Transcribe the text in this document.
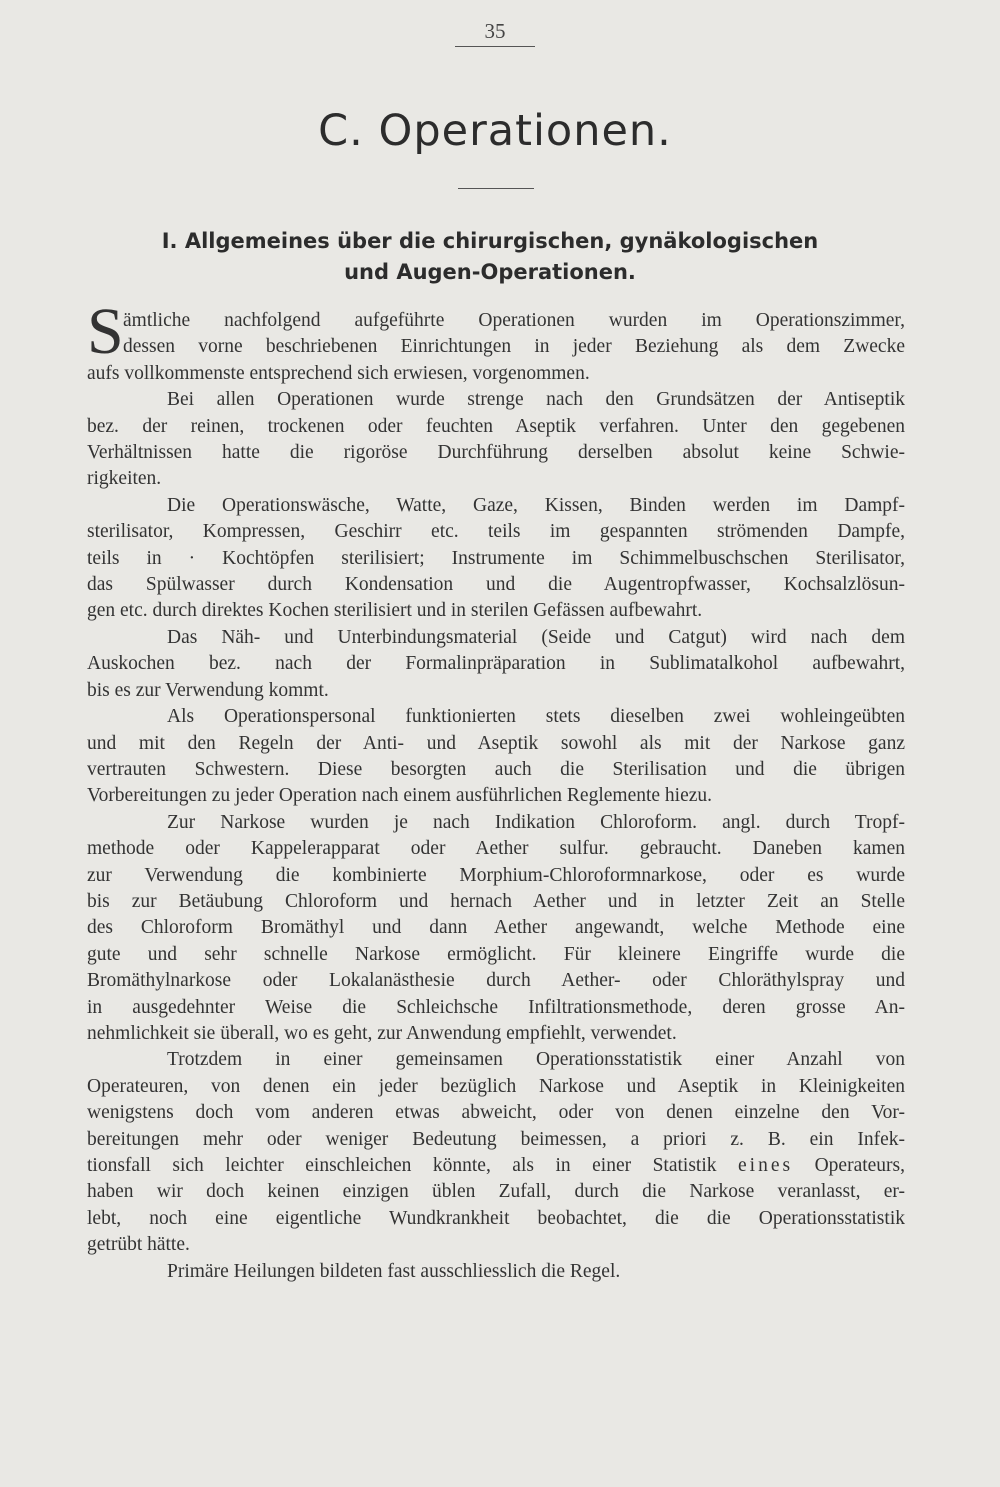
35
C. Operationen.
I. Allgemeines über die chirurgischen, gynäkologischen
und Augen-Operationen.
S ämtliche nachfolgend aufgeführte Operationen wurden im Operationszimmer,
dessen vorne beschriebenen Einrichtungen in jeder Beziehung als dem Zwecke
aufs vollkommenste entsprechend sich erwiesen, vorgenommen.
Bei allen Operationen wurde strenge nach den Grundsätzen der Antiseptik
bez. der reinen, trockenen oder feuchten Aseptik verfahren. Unter den gegebenen
Verhältnissen hatte die rigoröse Durchführung derselben absolut keine Schwie-
rigkeiten.
Die Operationswäsche, Watte, Gaze, Kissen, Binden werden im Dampf-
sterilisator, Kompressen, Geschirr etc. teils im gespannten strömenden Dampfe,
teils in · Kochtöpfen sterilisiert; Instrumente im Schimmelbuschschen Sterilisator,
das Spülwasser durch Kondensation und die Augentropfwasser, Kochsalzlösun-
gen etc. durch direktes Kochen sterilisiert und in sterilen Gefässen aufbewahrt.
Das Näh- und Unterbindungsmaterial (Seide und Catgut) wird nach dem
Auskochen bez. nach der Formalinpräparation in Sublimatalkohol aufbewahrt,
bis es zur Verwendung kommt.
Als Operationspersonal funktionierten stets dieselben zwei wohleingeübten
und mit den Regeln der Anti- und Aseptik sowohl als mit der Narkose ganz
vertrauten Schwestern. Diese besorgten auch die Sterilisation und die übrigen
Vorbereitungen zu jeder Operation nach einem ausführlichen Reglemente hiezu.
Zur Narkose wurden je nach Indikation Chloroform. angl. durch Tropf-
methode oder Kappelerapparat oder Aether sulfur. gebraucht. Daneben kamen
zur Verwendung die kombinierte Morphium-Chloroformnarkose, oder es wurde
bis zur Betäubung Chloroform und hernach Aether und in letzter Zeit an Stelle
des Chloroform Bromäthyl und dann Aether angewandt, welche Methode eine
gute und sehr schnelle Narkose ermöglicht. Für kleinere Eingriffe wurde die
Bromäthylnarkose oder Lokalanästhesie durch Aether- oder Chloräthylspray und
in ausgedehnter Weise die Schleichsche Infiltrationsmethode, deren grosse An-
nehmlichkeit sie überall, wo es geht, zur Anwendung empfiehlt, verwendet.
Trotzdem in einer gemeinsamen Operationsstatistik einer Anzahl von
Operateuren, von denen ein jeder bezüglich Narkose und Aseptik in Kleinigkeiten
wenigstens doch vom anderen etwas abweicht, oder von denen einzelne den Vor-
bereitungen mehr oder weniger Bedeutung beimessen, a priori z. B. ein Infek-
tionsfall sich leichter einschleichen könnte, als in einer Statistik eines Operateurs,
haben wir doch keinen einzigen üblen Zufall, durch die Narkose veranlasst, er-
lebt, noch eine eigentliche Wundkrankheit beobachtet, die die Operationsstatistik
getrübt hätte.
Primäre Heilungen bildeten fast ausschliesslich die Regel.
